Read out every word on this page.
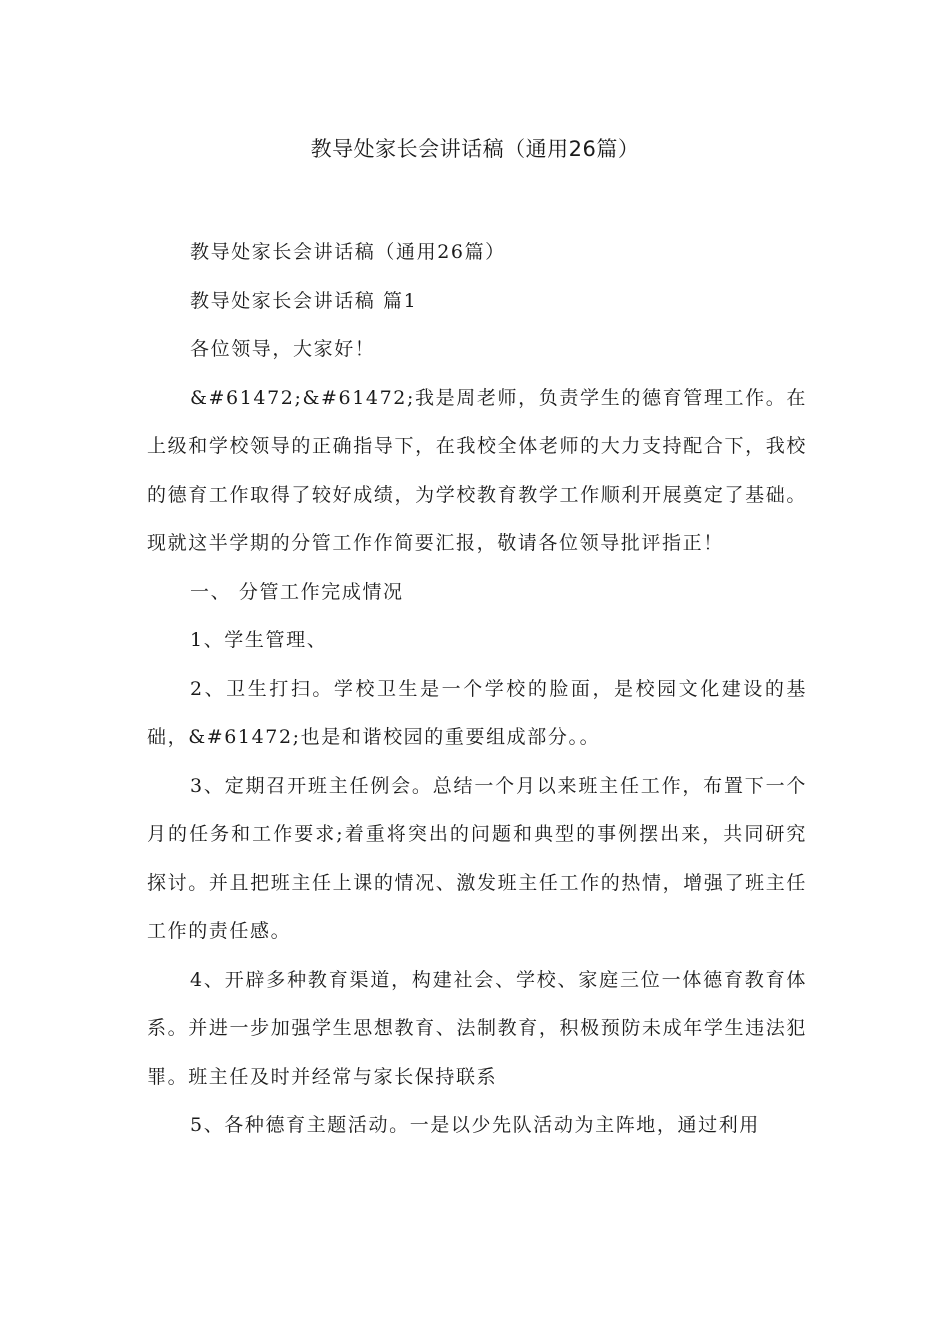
教导处家长会讲话稿（通用26篇）

教导处家长会讲话稿（通用26篇）

教导处家长会讲话稿 篇1

各位领导，大家好！

&#61472;&#61472;我是周老师，负责学生的德育管理工作。在上级和学校领导的正确指导下，在我校全体老师的大力支持配合下，我校的德育工作取得了较好成绩，为学校教育教学工作顺利开展奠定了基础。现就这半学期的分管工作作简要汇报，敬请各位领导批评指正！

一、 分管工作完成情况

1、学生管理、

2、卫生打扫。学校卫生是一个学校的脸面，是校园文化建设的基础，&#61472;也是和谐校园的重要组成部分。。

3、定期召开班主任例会。总结一个月以来班主任工作，布置下一个 月的任务和工作要求;着重将突出的问题和典型的事例摆出来，共同研究探讨。并且把班主任上课的情况、激发班主任工作的热情，增强了班主任工作的责任感。

4、开辟多种教育渠道，构建社会、学校、家庭三位一体德育教育体 系。并进一步加强学生思想教育、法制教育，积极预防未成年学生违法犯罪。班主任及时并经常与家长保持联系

5、各种德育主题活动。一是以少先队活动为主阵地，通过利用
